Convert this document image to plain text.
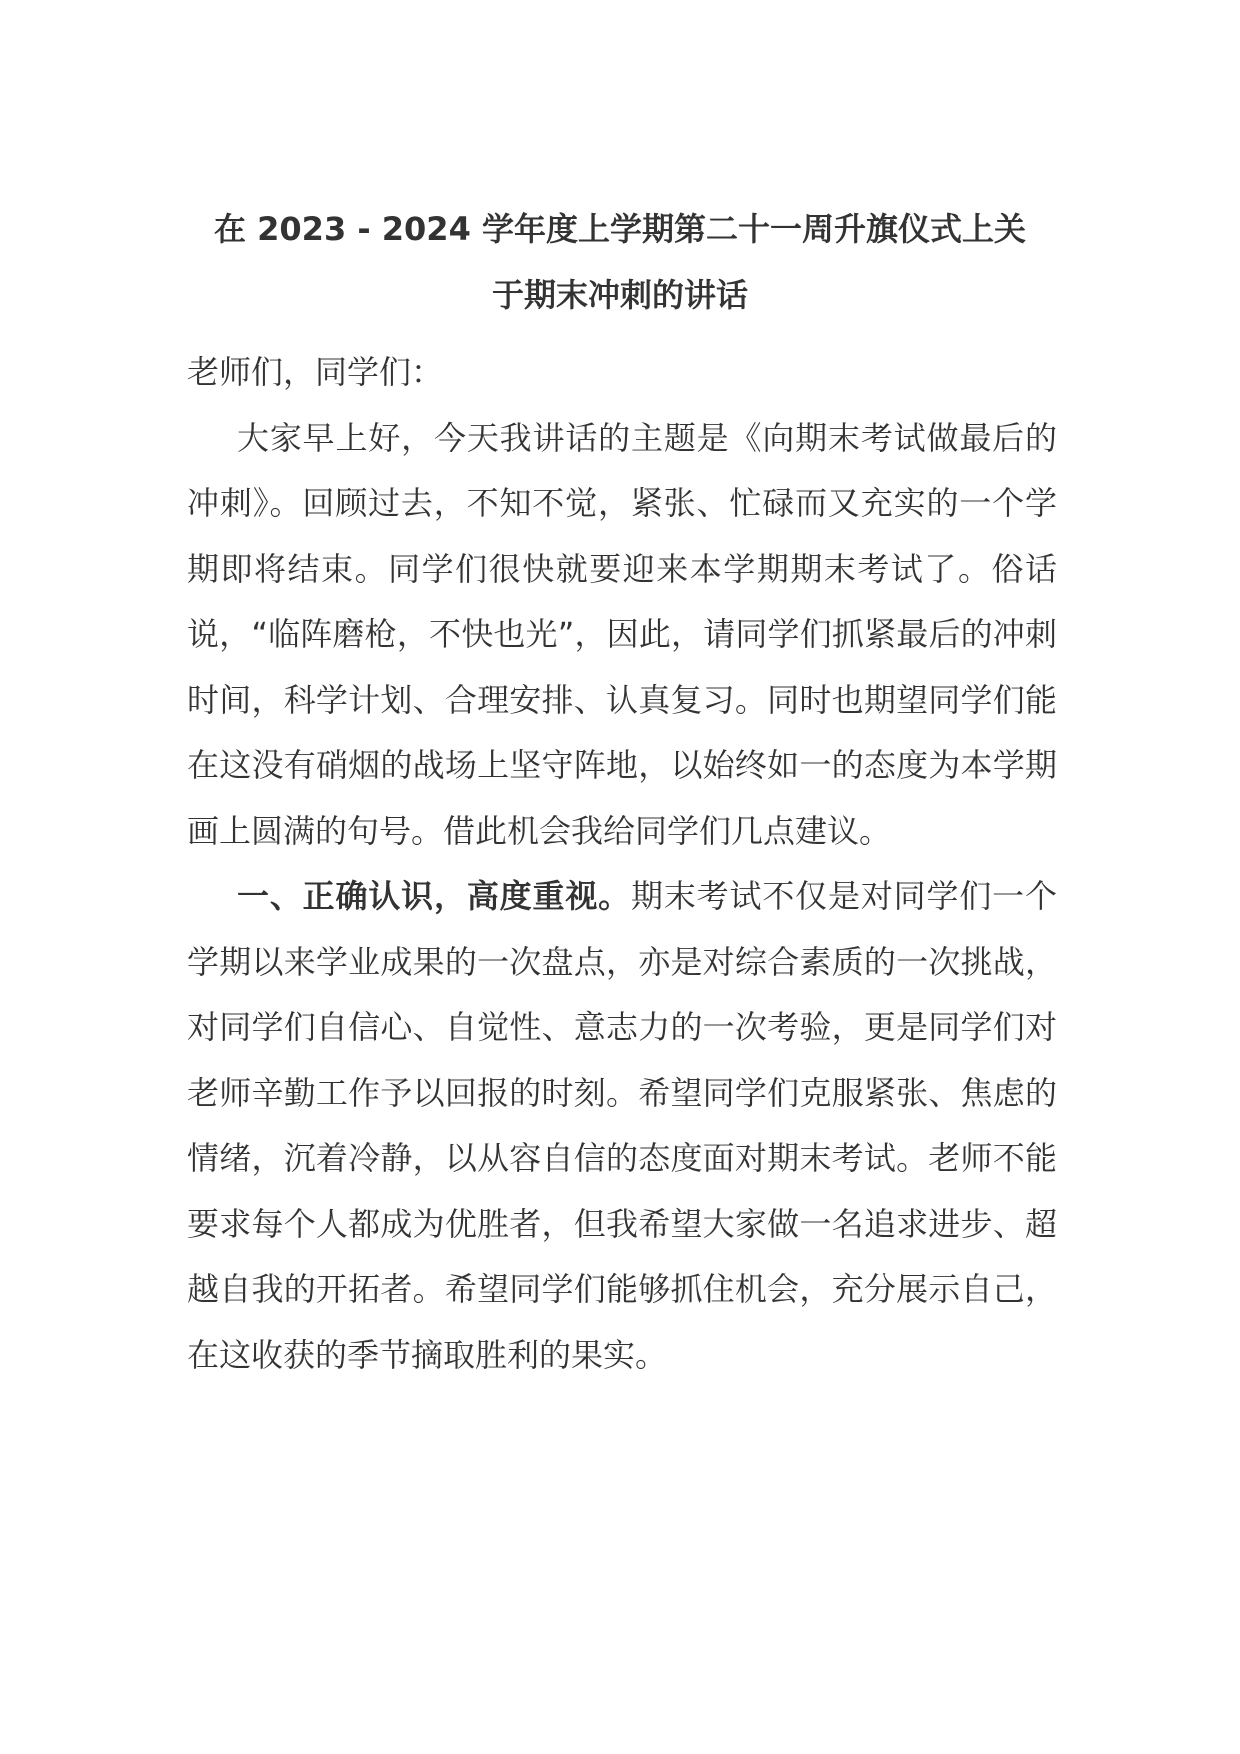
在 2023 - 2024 学年度上学期第二十一周升旗仪式上关
于期末冲刺的讲话

老师们，同学们：

大家早上好，今天我讲话的主题是《向期末考试做最后的冲刺》。回顾过去，不知不觉，紧张、忙碌而又充实的一个学期即将结束。同学们很快就要迎来本学期期末考试了。俗话说，“临阵磨枪，不快也光”，因此，请同学们抓紧最后的冲刺时间，科学计划、合理安排、认真复习。同时也期望同学们能在这没有硝烟的战场上坚守阵地，以始终如一的态度为本学期画上圆满的句号。借此机会我给同学们几点建议。

一、正确认识，高度重视。期末考试不仅是对同学们一个学期以来学业成果的一次盘点，亦是对综合素质的一次挑战，对同学们自信心、自觉性、意志力的一次考验，更是同学们对老师辛勤工作予以回报的时刻。希望同学们克服紧张、焦虑的情绪，沉着冷静，以从容自信的态度面对期末考试。老师不能要求每个人都成为优胜者，但我希望大家做一名追求进步、超越自我的开拓者。希望同学们能够抓住机会，充分展示自己，在这收获的季节摘取胜利的果实。
